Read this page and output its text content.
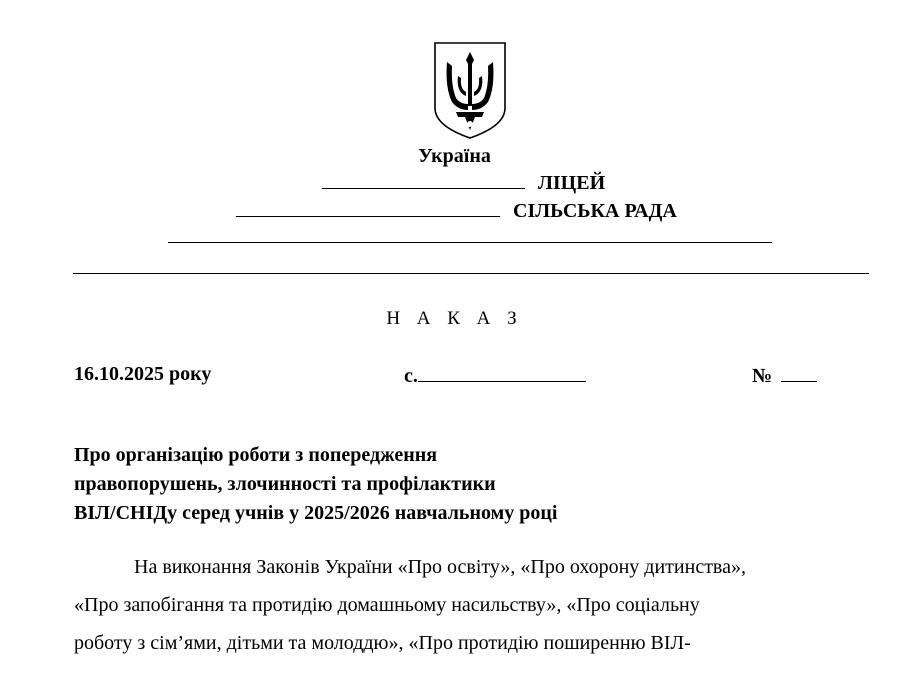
Україна
ЛІЦЕЙ
СІЛЬСЬКА РАДА
Н А К А З
16.10.2025 року	с.	№
Про організацію роботи з попередження
правопорушень, злочинності та профілактики
ВІЛ/СНІДу серед учнів у 2025/2026 навчальному році
На виконання Законів України «Про освіту», «Про охорону дитинства»,
«Про запобігання та протидію домашньому насильству», «Про соціальну
роботу з сім’ями, дітьми та молоддю», «Про протидію поширенню ВІЛ-
